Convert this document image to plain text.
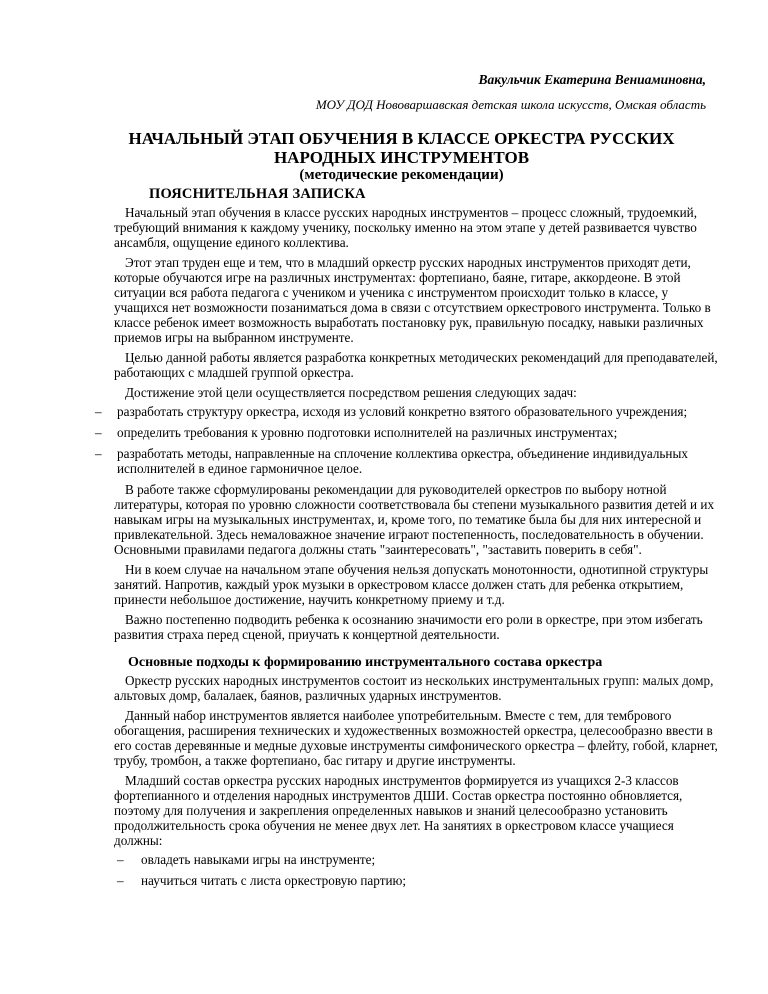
Вакульчик Екатерина Вениаминовна,

МОУ ДОД Нововаршавская детская школа искусств, Омская область

НАЧАЛЬНЫЙ ЭТАП ОБУЧЕНИЯ В КЛАССЕ ОРКЕСТРА РУССКИХ
НАРОДНЫХ ИНСТРУМЕНТОВ
(методические рекомендации)
ПОЯСНИТЕЛЬНАЯ ЗАПИСКА

Начальный этап обучения в классе русских народных инструментов – процесс сложный, трудоемкий, требующий внимания к каждому ученику, поскольку именно на этом этапе у детей развивается чувство ансамбля, ощущение единого коллектива.

Этот этап труден еще и тем, что в младший оркестр русских народных инструментов приходят дети, которые обучаются игре на различных инструментах: фортепиано, баяне, гитаре, аккордеоне. В этой ситуации вся работа педагога с учеником и ученика с инструментом происходит только в классе, у учащихся нет возможности позаниматься дома в связи с отсутствием оркестрового инструмента. Только в классе ребенок имеет возможность выработать постановку рук, правильную посадку, навыки различных приемов игры на выбранном инструменте.

Целью данной работы является разработка конкретных методических рекомендаций для преподавателей, работающих с младшей группой оркестра.

Достижение этой цели осуществляется посредством решения следующих задач:

– разработать структуру оркестра, исходя из условий конкретно взятого образовательного учреждения;
– определить требования к уровню подготовки исполнителей на различных инструментах;
– разработать методы, направленные на сплочение коллектива оркестра, объединение индивидуальных исполнителей в единое гармоничное целое.

В работе также сформулированы рекомендации для руководителей оркестров по выбору нотной литературы, которая по уровню сложности соответствовала бы степени музыкального развития детей и их навыкам игры на музыкальных инструментах, и, кроме того, по тематике была бы для них интересной и привлекательной. Здесь немаловажное значение играют постепенность, последовательность в обучении. Основными правилами педагога должны стать "заинтересовать", "заставить поверить в себя".

Ни в коем случае на начальном этапе обучения нельзя допускать монотонности, однотипной структуры занятий. Напротив, каждый урок музыки в оркестровом классе должен стать для ребенка открытием, принести небольшое достижение, научить конкретному приему и т.д.

Важно постепенно подводить ребенка к осознанию значимости его роли в оркестре, при этом избегать развития страха перед сценой, приучать к концертной деятельности.

Основные подходы к формированию инструментального состава оркестра

Оркестр русских народных инструментов состоит из нескольких инструментальных групп: малых домр, альтовых домр, балалаек, баянов, различных ударных инструментов.

Данный набор инструментов является наиболее употребительным. Вместе с тем, для тембрового обогащения, расширения технических и художественных возможностей оркестра, целесообразно ввести в его состав деревянные и медные духовые инструменты симфонического оркестра – флейту, гобой, кларнет, трубу, тромбон, а также фортепиано, бас гитару и другие инструменты.

Младший состав оркестра русских народных инструментов формируется из учащихся 2-3 классов фортепианного и отделения народных инструментов ДШИ. Состав оркестра постоянно обновляется, поэтому для получения и закрепления определенных навыков и знаний целесообразно установить продолжительность срока обучения не менее двух лет. На занятиях в оркестровом классе учащиеся должны:

– овладеть навыками игры на инструменте;
– научиться читать с листа оркестровую партию;
